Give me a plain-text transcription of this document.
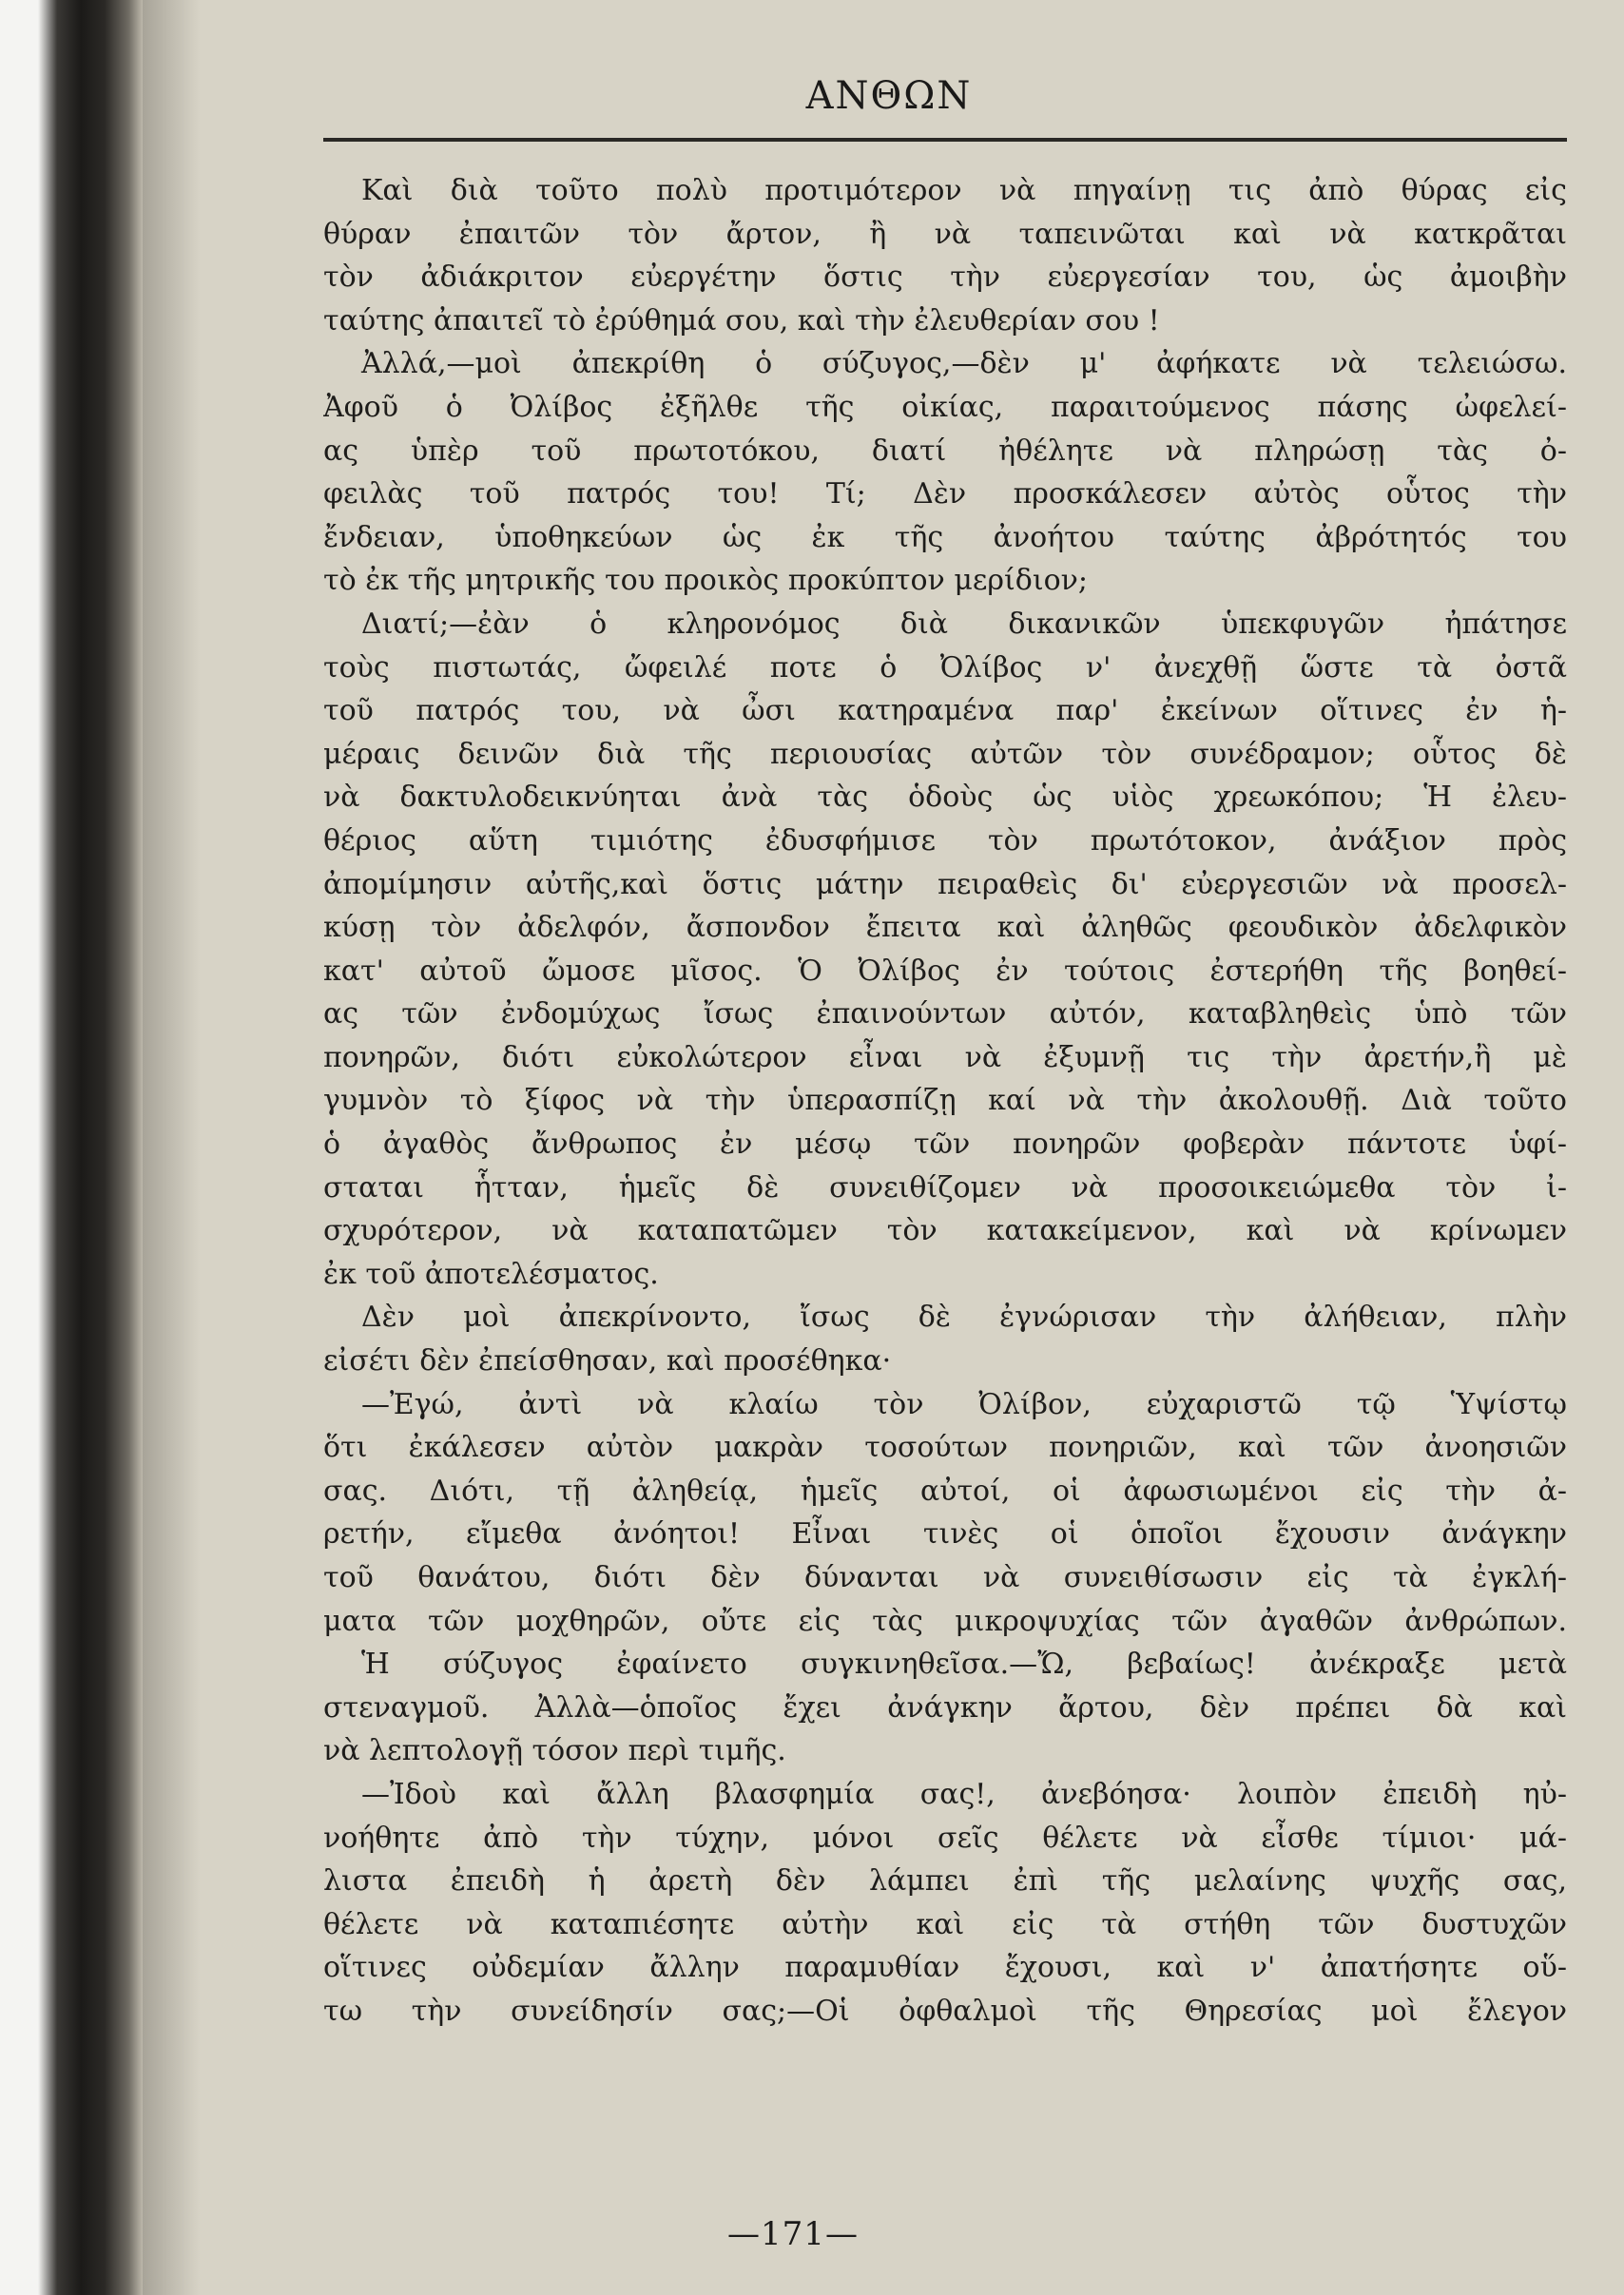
ΑΝΘΩΝ
Καὶ διὰ τοῦτο πολὺ προτιμότερον νὰ πηγαίνῃ τις ἀπὸ θύρας εἰς
θύραν ἐπαιτῶν τὸν ἄρτον, ἢ νὰ ταπεινῶται καὶ νὰ κατκρᾶται
τὸν ἀδιάκριτον εὐεργέτην ὅστις τὴν εὐεργεσίαν του, ὡς ἀμοιβὴν
ταύτης ἀπαιτεῖ τὸ ἐρύθημά σου, καὶ τὴν ἐλευθερίαν σου !
Ἀλλά,—μοὶ ἀπεκρίθη ὁ σύζυγος,—δὲν μ' ἀφήκατε νὰ τελειώσω.
Ἀφοῦ ὁ Ὀλίβος ἐξῆλθε τῆς οἰκίας, παραιτούμενος πάσης ὠφελεί-
ας ὑπὲρ τοῦ πρωτοτόκου, διατί ἠθέλητε νὰ πληρώσῃ τὰς ὀ-
φειλὰς τοῦ πατρός του! Τί; Δὲν προσκάλεσεν αὐτὸς οὗτος τὴν
ἔνδειαν, ὑποθηκεύων ὡς ἐκ τῆς ἀνοήτου ταύτης ἀβρότητός του
τὸ ἐκ τῆς μητρικῆς του προικὸς προκύπτον μερίδιον;
Διατί;—ἐὰν ὁ κληρονόμος διὰ δικανικῶν ὑπεκφυγῶν ἠπάτησε
τοὺς πιστωτάς, ὤφειλέ ποτε ὁ Ὀλίβος ν' ἀνεχθῇ ὥστε τὰ ὀστᾶ
τοῦ πατρός του, νὰ ὦσι κατηραμένα παρ' ἐκείνων οἵτινες ἐν ἡ-
μέραις δεινῶν διὰ τῆς περιουσίας αὐτῶν τὸν συνέδραμον; οὗτος δὲ
νὰ δακτυλοδεικνύηται ἀνὰ τὰς ὁδοὺς ὡς υἱὸς χρεωκόπου; Ἡ ἐλευ-
θέριος αὕτη τιμιότης ἐδυσφήμισε τὸν πρωτότοκον, ἀνάξιον πρὸς
ἀπομίμησιν αὐτῆς,καὶ ὅστις μάτην πειραθεὶς δι' εὐεργεσιῶν νὰ προσελ-
κύσῃ τὸν ἀδελφόν, ἄσπονδον ἔπειτα καὶ ἀληθῶς φεουδικὸν ἀδελφικὸν
κατ' αὐτοῦ ὤμοσε μῖσος. Ὁ Ὀλίβος ἐν τούτοις ἐστερήθη τῆς βοηθεί-
ας τῶν ἐνδομύχως ἴσως ἐπαινούντων αὐτόν, καταβληθεὶς ὑπὸ τῶν
πονηρῶν, διότι εὐκολώτερον εἶναι νὰ ἐξυμνῇ τις τὴν ἀρετήν,ἢ μὲ
γυμνὸν τὸ ξίφος νὰ τὴν ὑπερασπίζῃ καί νὰ τὴν ἀκολουθῇ. Διὰ τοῦτο
ὁ ἀγαθὸς ἄνθρωπος ἐν μέσῳ τῶν πονηρῶν φοβερὰν πάντοτε ὑφί-
σταται ἧτταν, ἡμεῖς δὲ συνειθίζομεν νὰ προσοικειώμεθα τὸν ἰ-
σχυρότερον, νὰ καταπατῶμεν τὸν κατακείμενον, καὶ νὰ κρίνωμεν
ἐκ τοῦ ἀποτελέσματος.
Δὲν μοὶ ἀπεκρίνοντο, ἴσως δὲ ἐγνώρισαν τὴν ἀλήθειαν, πλὴν
εἰσέτι δὲν ἐπείσθησαν, καὶ προσέθηκα·
—Ἐγώ, ἀντὶ νὰ κλαίω τὸν Ὀλίβον, εὐχαριστῶ τῷ Ὑψίστῳ
ὅτι ἐκάλεσεν αὐτὸν μακρὰν τοσούτων πονηριῶν, καὶ τῶν ἀνοησιῶν
σας. Διότι, τῇ ἀληθείᾳ, ἡμεῖς αὐτοί, οἱ ἀφωσιωμένοι εἰς τὴν ἀ-
ρετήν, εἴμεθα ἀνόητοι! Εἶναι τινὲς οἱ ὁποῖοι ἔχουσιν ἀνάγκην
τοῦ θανάτου, διότι δὲν δύνανται νὰ συνειθίσωσιν εἰς τὰ ἐγκλή-
ματα τῶν μοχθηρῶν, οὔτε εἰς τὰς μικροψυχίας τῶν ἀγαθῶν ἀνθρώπων.
Ἡ σύζυγος ἐφαίνετο συγκινηθεῖσα.—Ὤ, βεβαίως! ἀνέκραξε μετὰ
στεναγμοῦ. Ἀλλὰ—ὁποῖος ἔχει ἀνάγκην ἄρτου, δὲν πρέπει δὰ καὶ
νὰ λεπτολογῇ τόσον περὶ τιμῆς.
—Ἰδοὺ καὶ ἄλλη βλασφημία σας!, ἀνεβόησα· λοιπὸν ἐπειδὴ ηὐ-
νοήθητε ἀπὸ τὴν τύχην, μόνοι σεῖς θέλετε νὰ εἶσθε τίμιοι· μά-
λιστα ἐπειδὴ ἡ ἀρετὴ δὲν λάμπει ἐπὶ τῆς μελαίνης ψυχῆς σας,
θέλετε νὰ καταπιέσητε αὐτὴν καὶ εἰς τὰ στήθη τῶν δυστυχῶν
οἵτινες οὐδεμίαν ἄλλην παραμυθίαν ἔχουσι, καὶ ν' ἀπατήσητε οὕ-
τω τὴν συνείδησίν σας;—Οἱ ὀφθαλμοὶ τῆς Θηρεσίας μοὶ ἔλεγον
—171—
